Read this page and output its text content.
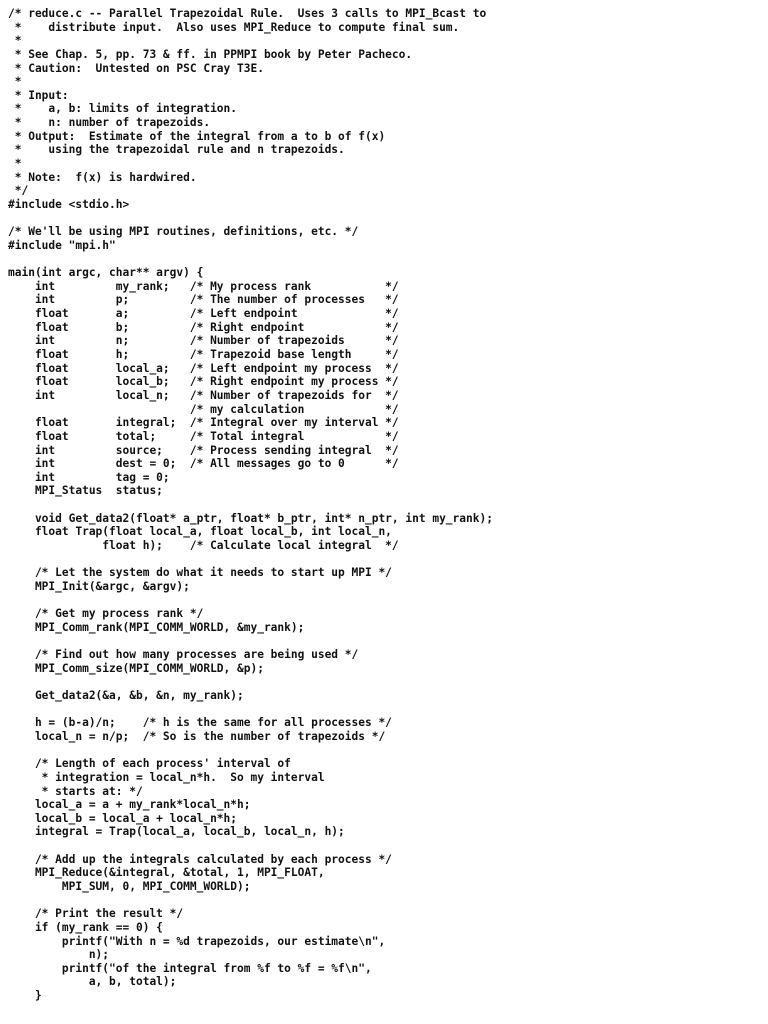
/* reduce.c -- Parallel Trapezoidal Rule.  Uses 3 calls to MPI_Bcast to
*    distribute input.  Also uses MPI_Reduce to compute final sum.
*
* See Chap. 5, pp. 73 & ff. in PPMPI book by Peter Pacheco.
* Caution:  Untested on PSC Cray T3E.
*
* Input:
*    a, b: limits of integration.
*    n: number of trapezoids.
* Output:  Estimate of the integral from a to b of f(x)
*    using the trapezoidal rule and n trapezoids.
*
* Note:  f(x) is hardwired.
*/
#include <stdio.h>
/* We'll be using MPI routines, definitions, etc. */
#include "mpi.h"
main(int argc, char** argv) {
int         my_rank;   /* My process rank           */
int         p;         /* The number of processes   */
float       a;         /* Left endpoint             */
float       b;         /* Right endpoint            */
int         n;         /* Number of trapezoids      */
float       h;         /* Trapezoid base length     */
float       local_a;   /* Left endpoint my process  */
float       local_b;   /* Right endpoint my process */
int         local_n;   /* Number of trapezoids for  */
/* my calculation            */
float       integral;  /* Integral over my interval */
float       total;     /* Total integral            */
int         source;    /* Process sending integral  */
int         dest = 0;  /* All messages go to 0      */
int         tag = 0;
MPI_Status  status;
void Get_data2(float* a_ptr, float* b_ptr, int* n_ptr, int my_rank);
float Trap(float local_a, float local_b, int local_n,
float h);    /* Calculate local integral  */
/* Let the system do what it needs to start up MPI */
MPI_Init(&argc, &argv);
/* Get my process rank */
MPI_Comm_rank(MPI_COMM_WORLD, &my_rank);
/* Find out how many processes are being used */
MPI_Comm_size(MPI_COMM_WORLD, &p);
Get_data2(&a, &b, &n, my_rank);
h = (b-a)/n;    /* h is the same for all processes */
local_n = n/p;  /* So is the number of trapezoids */
/* Length of each process' interval of
* integration = local_n*h.  So my interval
* starts at: */
local_a = a + my_rank*local_n*h;
local_b = local_a + local_n*h;
integral = Trap(local_a, local_b, local_n, h);
/* Add up the integrals calculated by each process */
MPI_Reduce(&integral, &total, 1, MPI_FLOAT,
MPI_SUM, 0, MPI_COMM_WORLD);
/* Print the result */
if (my_rank == 0) {
printf("With n = %d trapezoids, our estimate\n",
n);
printf("of the integral from %f to %f = %f\n",
a, b, total);
}
